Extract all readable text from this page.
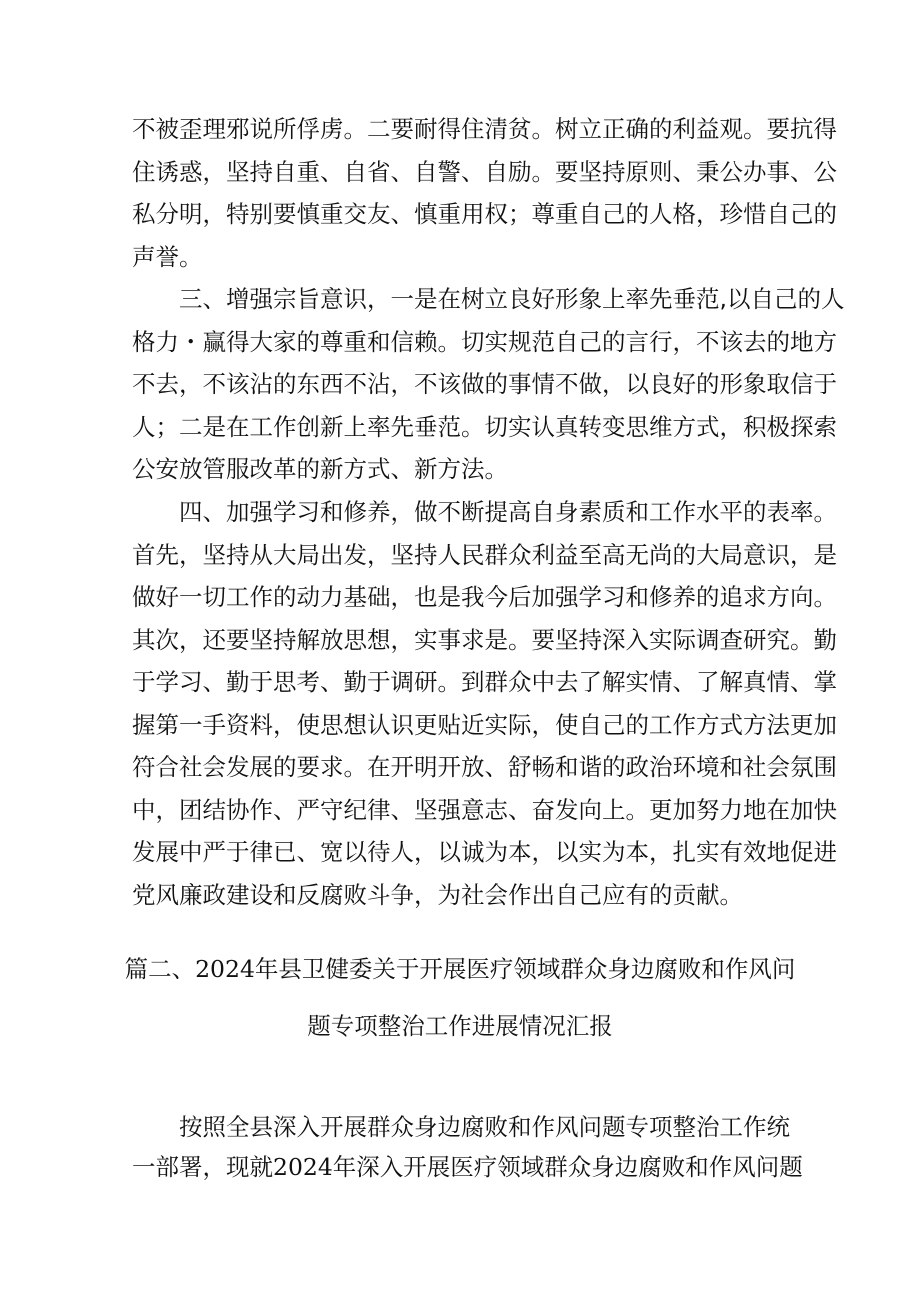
不被歪理邪说所俘虏。二要耐得住清贫。树立正确的利益观。要抗得
住诱惑，坚持自重、自省、自警、自励。要坚持原则、秉公办事、公
私分明，特别要慎重交友、慎重用权；尊重自己的人格，珍惜自己的
声誉。
　　三、增强宗旨意识，一是在树立良好形象上率先垂范,以自己的人
格力・赢得大家的尊重和信赖。切实规范自己的言行，不该去的地方
不去，不该沾的东西不沾，不该做的事情不做，以良好的形象取信于
人；二是在工作创新上率先垂范。切实认真转变思维方式，积极探索
公安放管服改革的新方式、新方法。
　　四、加强学习和修养，做不断提高自身素质和工作水平的表率。
首先，坚持从大局出发，坚持人民群众利益至高无尚的大局意识，是
做好一切工作的动力基础，也是我今后加强学习和修养的追求方向。
其次，还要坚持解放思想，实事求是。要坚持深入实际调查研究。勤
于学习、勤于思考、勤于调研。到群众中去了解实情、了解真情、掌
握第一手资料，使思想认识更贴近实际，使自己的工作方式方法更加
符合社会发展的要求。在开明开放、舒畅和谐的政治环境和社会氛围
中，团结协作、严守纪律、坚强意志、奋发向上。更加努力地在加快
发展中严于律已、宽以待人，以诚为本，以实为本，扎实有效地促进
党风廉政建设和反腐败斗争，为社会作出自己应有的贡献。
篇二、2024年县卫健委关于开展医疗领域群众身边腐败和作风问
题专项整治工作进展情况汇报
　　按照全县深入开展群众身边腐败和作风问题专项整治工作统
一部署，现就2024年深入开展医疗领域群众身边腐败和作风问题
